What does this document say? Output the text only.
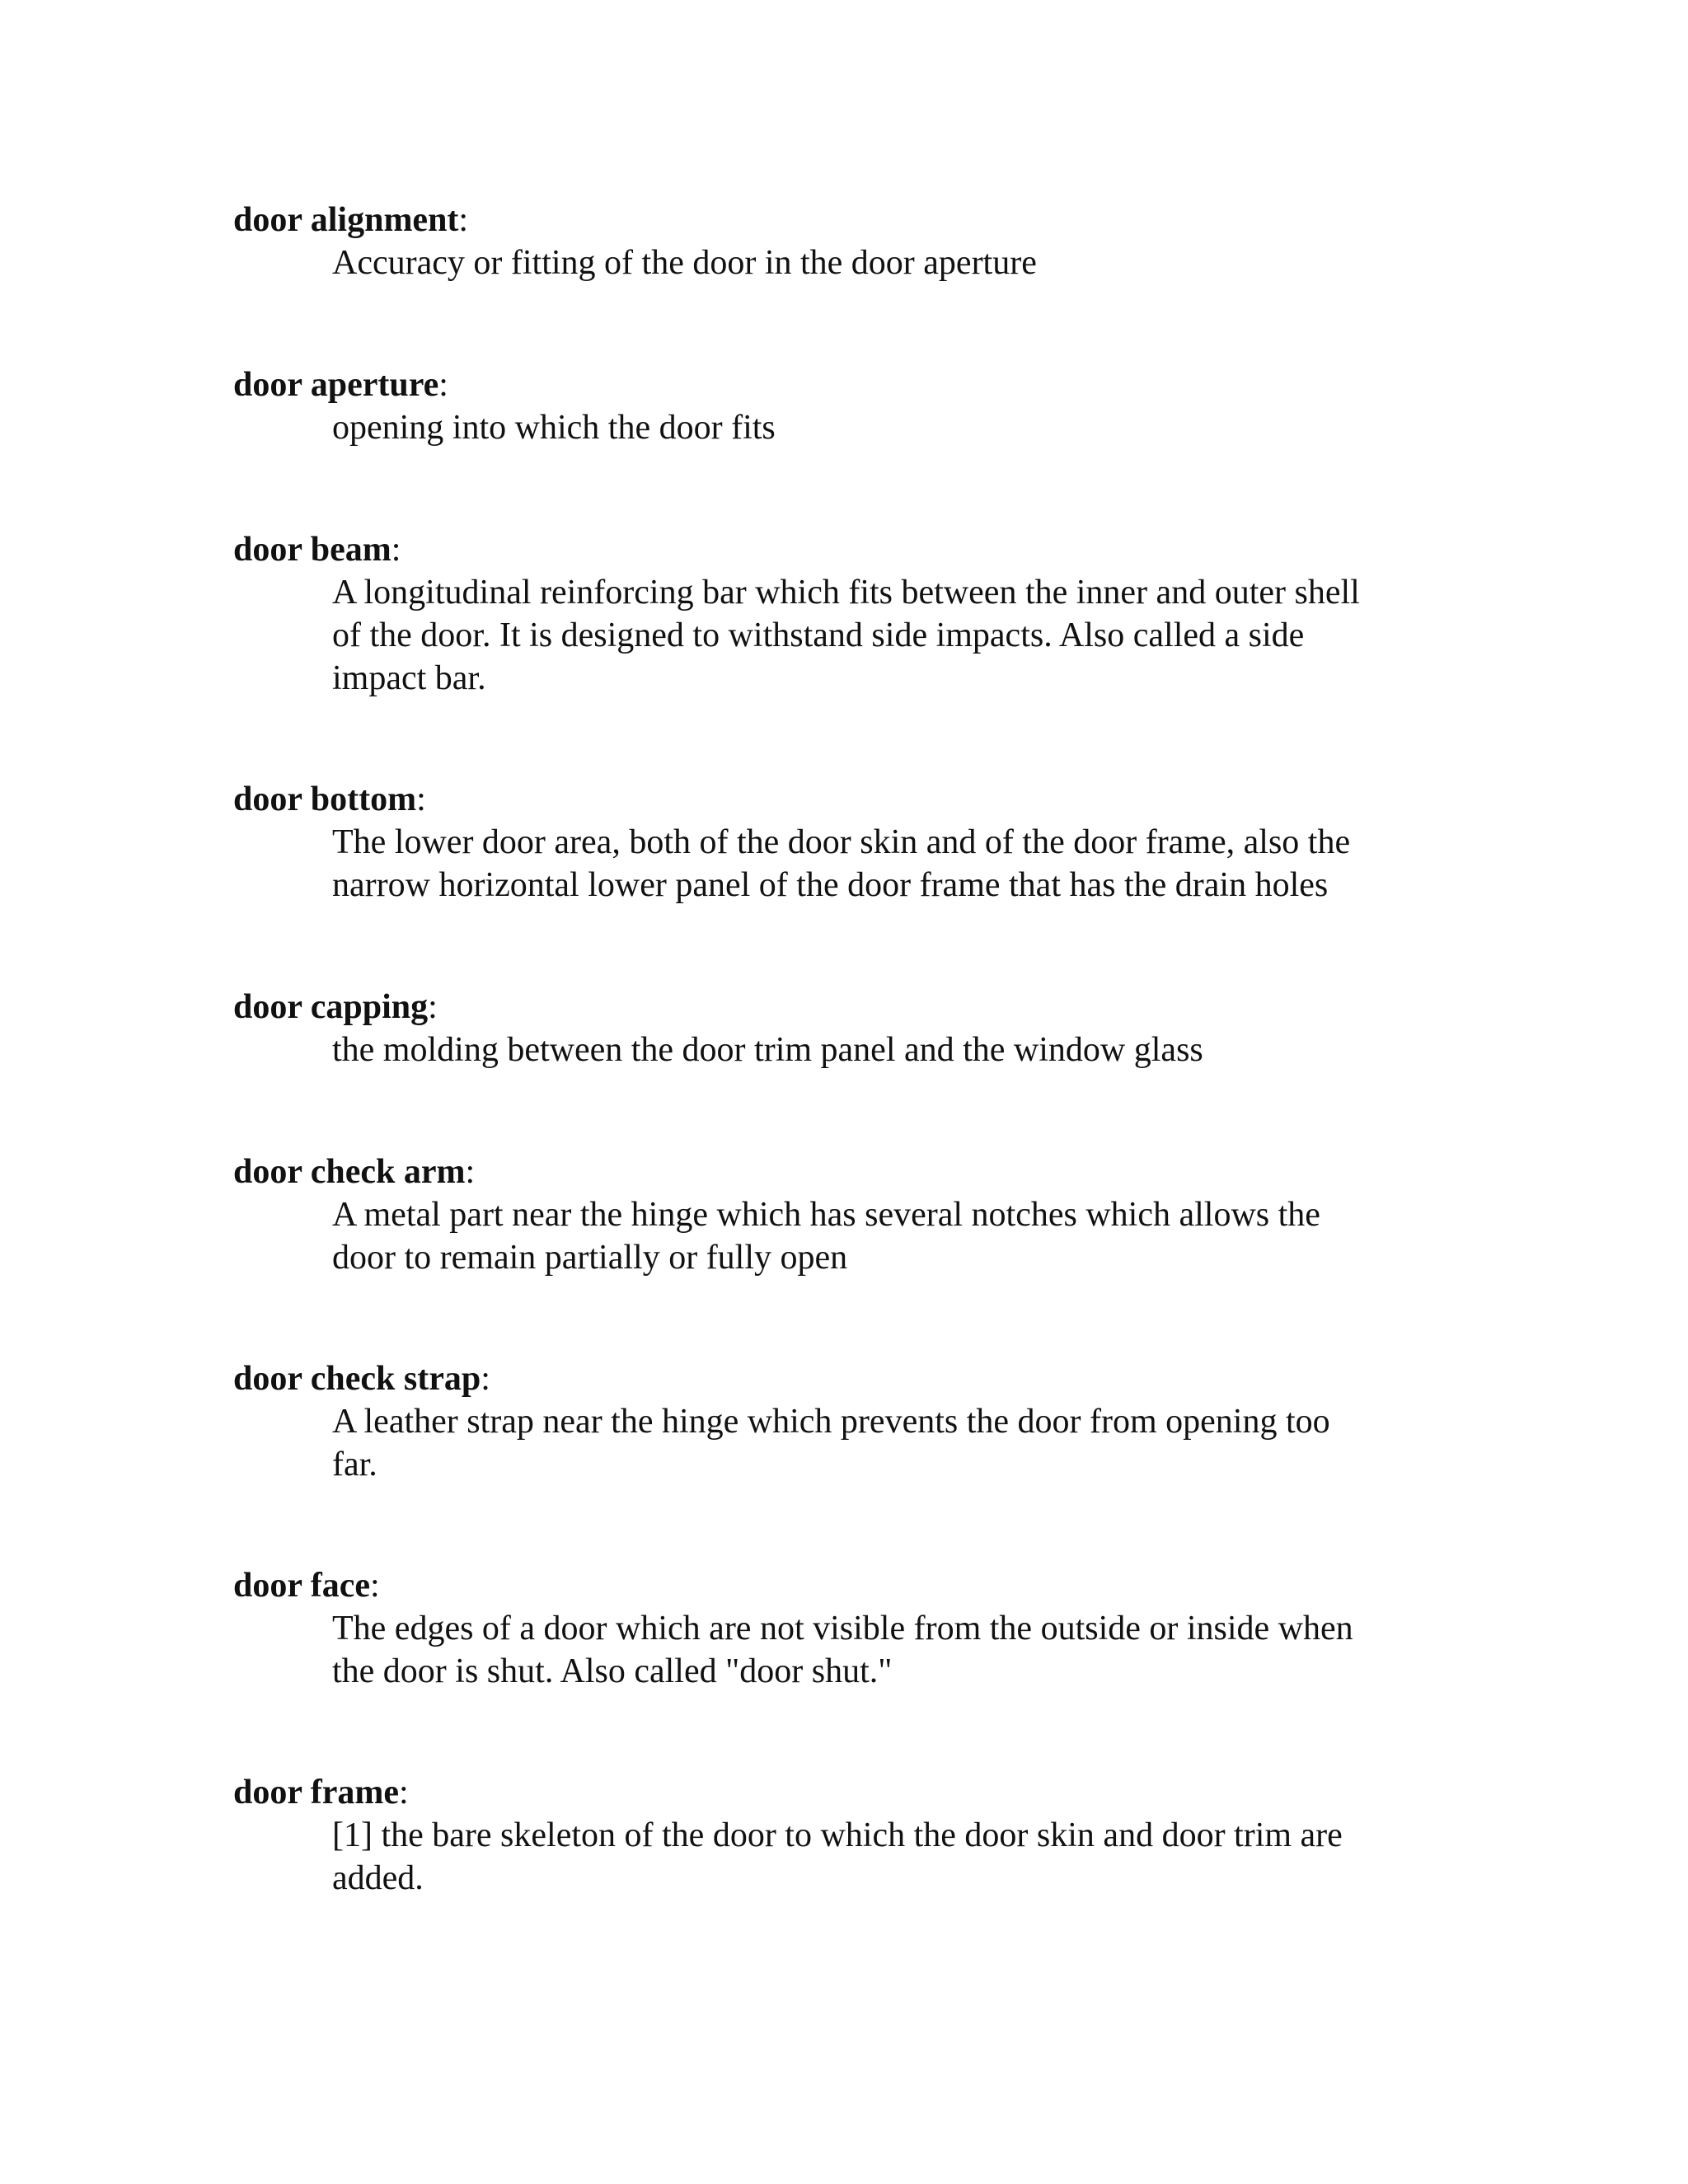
door alignment:
Accuracy or fitting of the door in the door aperture
door aperture:
opening into which the door fits
door beam:
A longitudinal reinforcing bar which fits between the inner and outer shell
of the door. It is designed to withstand side impacts. Also called a side
impact bar.
door bottom:
The lower door area, both of the door skin and of the door frame, also the
narrow horizontal lower panel of the door frame that has the drain holes
door capping:
the molding between the door trim panel and the window glass
door check arm:
A metal part near the hinge which has several notches which allows the
door to remain partially or fully open
door check strap:
A leather strap near the hinge which prevents the door from opening too
far.
door face:
The edges of a door which are not visible from the outside or inside when
the door is shut. Also called "door shut."
door frame:
[1] the bare skeleton of the door to which the door skin and door trim are
added.
